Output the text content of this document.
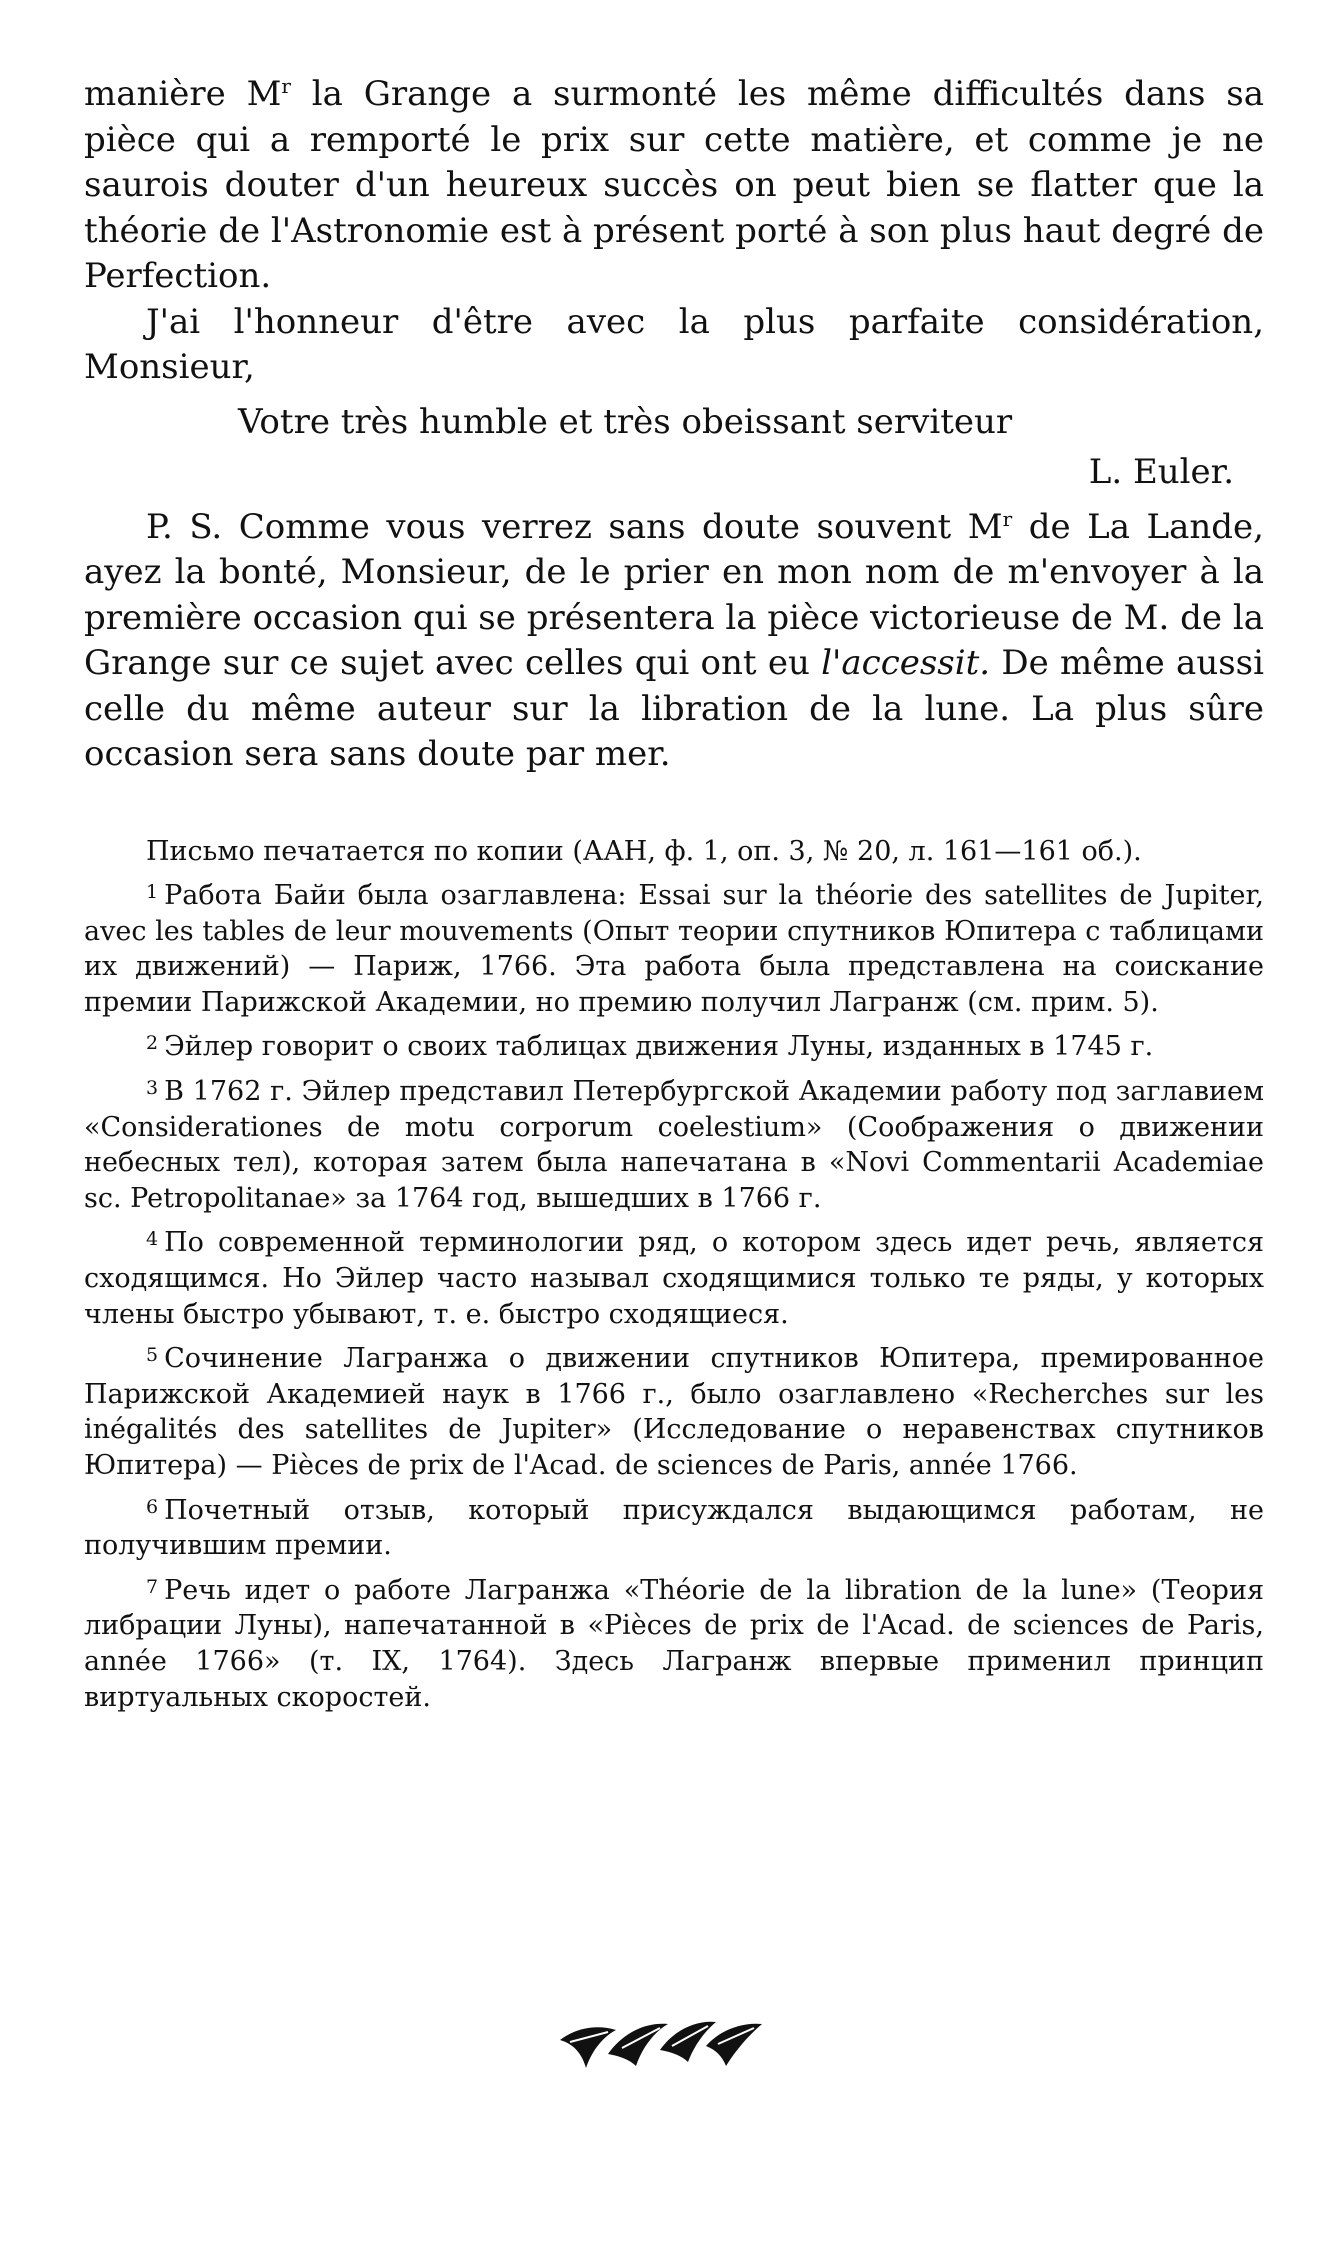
manière $M^r$ la Grange a surmonté les même difficultés dans sa pièce qui a remporté le prix sur cette matière, et comme je ne saurois douter d'un heureux succès on peut bien se flatter que la théorie de l'Astronomie est à présent porté à son plus haut degré de Perfection.

J'ai l'honneur d'être avec la plus parfaite considération, Monsieur,

Votre très humble et très obeissant serviteur

L. Euler.

P. S. Comme vous verrez sans doute souvent $M^r$ de La Lande, ayez la bonté, Monsieur, de le prier en mon nom de m'envoyer à la première occasion qui se présentera la pièce victorieuse de M. de la Grange sur ce sujet avec celles qui ont eu l'accessit. De même aussi celle du même auteur sur la libration de la lune. La plus sûre occasion sera sans doute par mer.

Письмо печатается по копии (ААН, ф. 1, оп. 3, № 20, л. 161—161 об.).

$^1$ Работа Байи была озаглавлена: Essai sur la théorie des satellites de Jupiter, avec les tables de leur mouvements (Опыт теории спутников Юпитера с таблицами их движений) — Париж, 1766. Эта работа была представлена на соискание премии Парижской Академии, но премию получил Лагранж (см. прим. 5).

$^2$ Эйлер говорит о своих таблицах движения Луны, изданных в 1745 г.

$^3$ В 1762 г. Эйлер представил Петербургской Академии работу под заглавием «Considerationes de motu corporum coelestium» (Соображения о движении небесных тел), которая затем была напечатана в «Novi Commentarii Academiae sc. Petropolitanae» за 1764 год, вышедших в 1766 г.

$^4$ По современной терминологии ряд, о котором здесь идет речь, является сходящимся. Но Эйлер часто называл сходящимися только те ряды, у которых члены быстро убывают, т. е. быстро сходящиеся.

$^5$ Сочинение Лагранжа о движении спутников Юпитера, премированное Парижской Академией наук в 1766 г., было озаглавлено «Recherches sur les inégalités des satellites de Jupiter» (Исследование о неравенствах спутников Юпитера) — Pièces de prix de l'Acad. de sciences de Paris, année 1766.

$^6$ Почетный отзыв, который присуждался выдающимся работам, не получившим премии.

$^7$ Речь идет о работе Лагранжа «Théorie de la libration de la lune» (Теория либрации Луны), напечатанной в «Pièces de prix de l'Acad. de sciences de Paris, année 1766» (т. IX, 1764). Здесь Лагранж впервые применил принцип виртуальных скоростей.
